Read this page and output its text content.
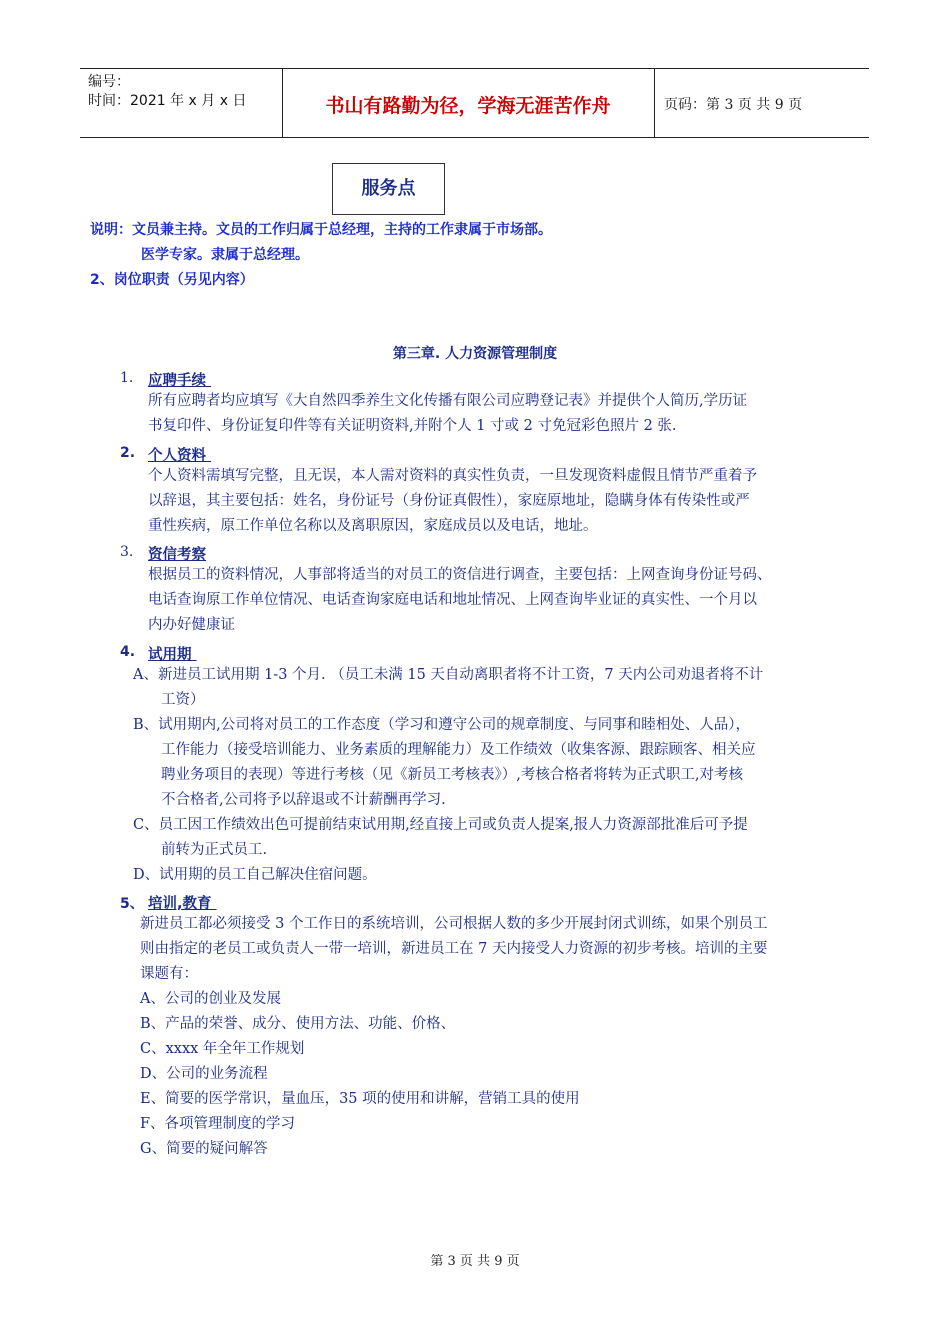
编号：
时间：2021 年 x 月 x 日	书山有路勤为径，学海无涯苦作舟	页码：第 3 页 共 9 页
服务点
说明：文员兼主持。文员的工作归属于总经理，主持的工作隶属于市场部。
医学专家。隶属于总经理。
2、岗位职责（另见内容）
第三章. 人力资源管理制度
1. 应聘手续
所有应聘者均应填写《大自然四季养生文化传播有限公司应聘登记表》并提供个人简历,学历证
书复印件、身份证复印件等有关证明资料,并附个人 1 寸或 2 寸免冠彩色照片 2 张.
2. 个人资料
个人资料需填写完整，且无误，本人需对资料的真实性负责，一旦发现资料虚假且情节严重着予
以辞退，其主要包括：姓名，身份证号（身份证真假性），家庭原地址，隐瞒身体有传染性或严
重性疾病，原工作单位名称以及离职原因，家庭成员以及电话，地址。
3. 资信考察
根据员工的资料情况，人事部将适当的对员工的资信进行调查，主要包括：上网查询身份证号码、
电话查询原工作单位情况、电话查询家庭电话和地址情况、上网查询毕业证的真实性、一个月以
内办好健康证
4. 试用期
A、新进员工试用期 1-3 个月. （员工未满 15 天自动离职者将不计工资，7 天内公司劝退者将不计
工资）
B、试用期内,公司将对员工的工作态度（学习和遵守公司的规章制度、与同事和睦相处、人品），
工作能力（接受培训能力、业务素质的理解能力）及工作绩效（收集客源、跟踪顾客、相关应
聘业务项目的表现）等进行考核（见《新员工考核表》）,考核合格者将转为正式职工,对考核
不合格者,公司将予以辞退或不计薪酬再学习.
C、员工因工作绩效出色可提前结束试用期,经直接上司或负责人提案,报人力资源部批准后可予提
前转为正式员工.
D、试用期的员工自己解决住宿问题。
5、 培训,教育
新进员工都必须接受 3 个工作日的系统培训，公司根据人数的多少开展封闭式训练，如果个别员工
则由指定的老员工或负责人一带一培训，新进员工在 7 天内接受人力资源的初步考核。培训的主要
课题有：
A、公司的创业及发展
B、产品的荣誉、成分、使用方法、功能、价格、
C、xxxx 年全年工作规划
D、公司的业务流程
E、简要的医学常识，量血压，35 项的使用和讲解，营销工具的使用
F、各项管理制度的学习
G、简要的疑问解答
第 3 页 共 9 页
